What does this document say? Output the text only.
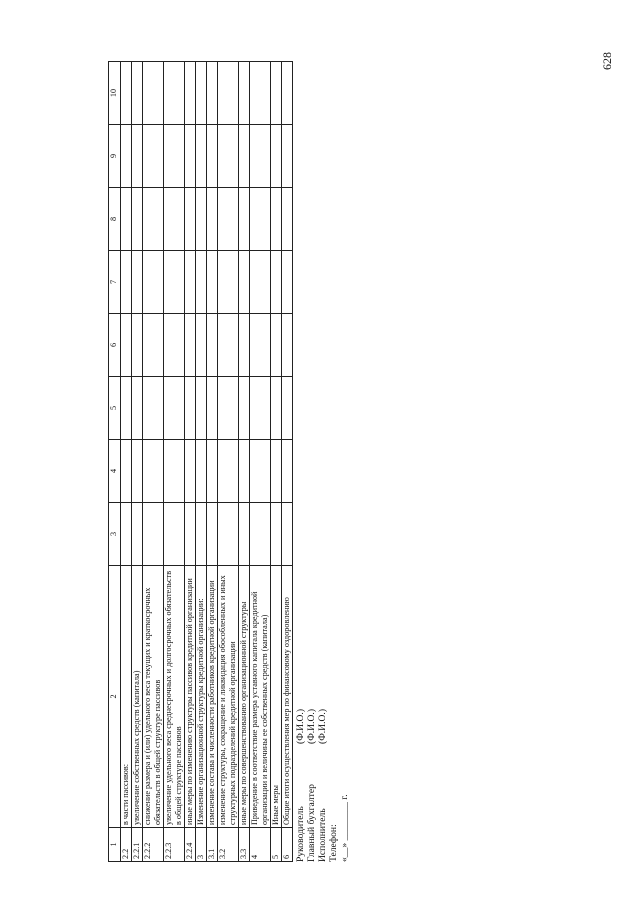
628
1	2	3	4	5	6	7	8	9	10
2.2	в части пассивов:								
2.2.1	увеличение собственных средств (капитала)								
2.2.2	снижение размера и (или) удельного веса текущих и краткосрочных обязательств в общей структуре пассивов								
2.2.3	увеличение удельного веса среднесрочных и долгосрочных обязательств в общей структуре пассивов								
2.2.4	иные меры по изменению структуры пассивов кредитной организации								
3	Изменение организационной структуры кредитной организации:								
3.1	изменение состава и численности работников кредитной организации								
3.2	изменение структуры, сокращение и ликвидация обособленных и иных структурных подразделений кредитной организации								
3.3	иные меры по совершенствованию организационной структуры								
4	Приведение в соответствие размера уставного капитала кредитной организации и величины ее собственных средств (капитала)								
5	Иные меры								
6	Общие итоги осуществления мер по финансовому оздоровлению								
Руководитель
(Ф.И.О.)
Главный бухгалтер
(Ф.И.О.)
Исполнитель
(Ф.И.О.)
Телефон: «__» ________ г.
